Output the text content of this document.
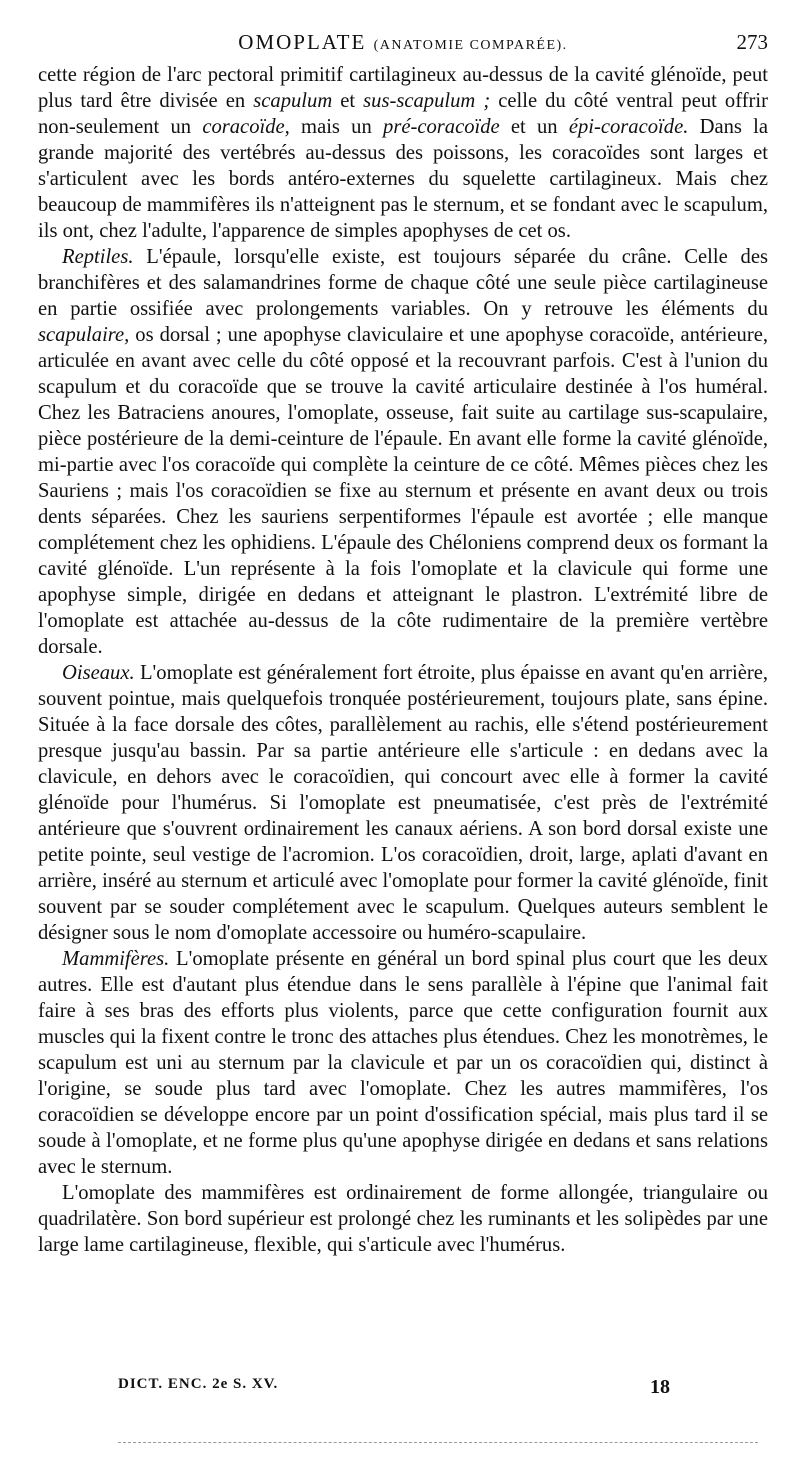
OMOPLATE (ANATOMIE COMPARÉE).	273

cette région de l'arc pectoral primitif cartilagineux au-dessus de la cavité glénoïde, peut plus tard être divisée en scapulum et sus-scapulum ; celle du côté ventral peut offrir non-seulement un coracoïde, mais un pré-coracoïde et un épi-coracoïde. Dans la grande majorité des vertébrés au-dessus des poissons, les coracoïdes sont larges et s'articulent avec les bords antéro-externes du squelette cartilagineux. Mais chez beaucoup de mammifères ils n'atteignent pas le sternum, et se fondant avec le scapulum, ils ont, chez l'adulte, l'apparence de simples apophyses de cet os.

Reptiles. L'épaule, lorsqu'elle existe, est toujours séparée du crâne. Celle des branchifères et des salamandrines forme de chaque côté une seule pièce cartilagineuse en partie ossifiée avec prolongements variables. On y retrouve les éléments du scapulaire, os dorsal ; une apophyse claviculaire et une apophyse coracoïde, antérieure, articulée en avant avec celle du côté opposé et la recouvrant parfois. C'est à l'union du scapulum et du coracoïde que se trouve la cavité articulaire destinée à l'os huméral. Chez les Batraciens anoures, l'omoplate, osseuse, fait suite au cartilage sus-scapulaire, pièce postérieure de la demi-ceinture de l'épaule. En avant elle forme la cavité glénoïde, mi-partie avec l'os coracoïde qui complète la ceinture de ce côté. Mêmes pièces chez les Sauriens ; mais l'os coracoïdien se fixe au sternum et présente en avant deux ou trois dents séparées. Chez les sauriens serpentiformes l'épaule est avortée ; elle manque complétement chez les ophidiens. L'épaule des Chéloniens comprend deux os formant la cavité glénoïde. L'un représente à la fois l'omoplate et la clavicule qui forme une apophyse simple, dirigée en dedans et atteignant le plastron. L'extrémité libre de l'omoplate est attachée au-dessus de la côte rudimentaire de la première vertèbre dorsale.

Oiseaux. L'omoplate est généralement fort étroite, plus épaisse en avant qu'en arrière, souvent pointue, mais quelquefois tronquée postérieurement, toujours plate, sans épine. Située à la face dorsale des côtes, parallèlement au rachis, elle s'étend postérieurement presque jusqu'au bassin. Par sa partie antérieure elle s'articule : en dedans avec la clavicule, en dehors avec le coracoïdien, qui concourt avec elle à former la cavité glénoïde pour l'humérus. Si l'omoplate est pneumatisée, c'est près de l'extrémité antérieure que s'ouvrent ordinairement les canaux aériens. A son bord dorsal existe une petite pointe, seul vestige de l'acromion. L'os coracoïdien, droit, large, aplati d'avant en arrière, inséré au sternum et articulé avec l'omoplate pour former la cavité glénoïde, finit souvent par se souder complétement avec le scapulum. Quelques auteurs semblent le désigner sous le nom d'omoplate accessoire ou huméro-scapulaire.

Mammifères. L'omoplate présente en général un bord spinal plus court que les deux autres. Elle est d'autant plus étendue dans le sens parallèle à l'épine que l'animal fait faire à ses bras des efforts plus violents, parce que cette configuration fournit aux muscles qui la fixent contre le tronc des attaches plus étendues. Chez les monotrèmes, le scapulum est uni au sternum par la clavicule et par un os coracoïdien qui, distinct à l'origine, se soude plus tard avec l'omoplate. Chez les autres mammifères, l'os coracoïdien se développe encore par un point d'ossification spécial, mais plus tard il se soude à l'omoplate, et ne forme plus qu'une apophyse dirigée en dedans et sans relations avec le sternum.

L'omoplate des mammifères est ordinairement de forme allongée, triangulaire ou quadrilatère. Son bord supérieur est prolongé chez les ruminants et les solipèdes par une large lame cartilagineuse, flexible, qui s'articule avec l'humérus.

DICT. ENC. 2e S. XV.	18
